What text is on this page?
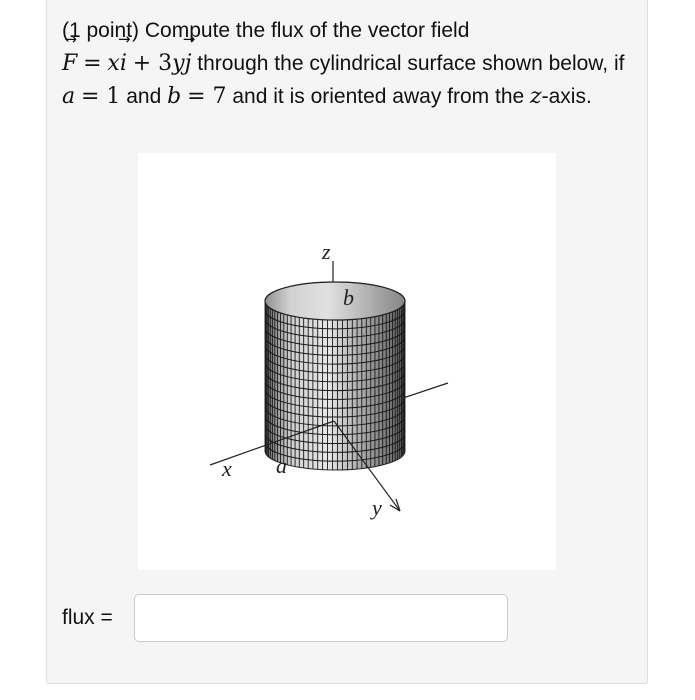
(1 point) Compute the flux of the vector field
→ F = x→ i + 3y→ j through the cylindrical surface shown below, if a = 1 and b = 7 and it is oriented away from the z-axis.

z
b
x a
y
flux =
